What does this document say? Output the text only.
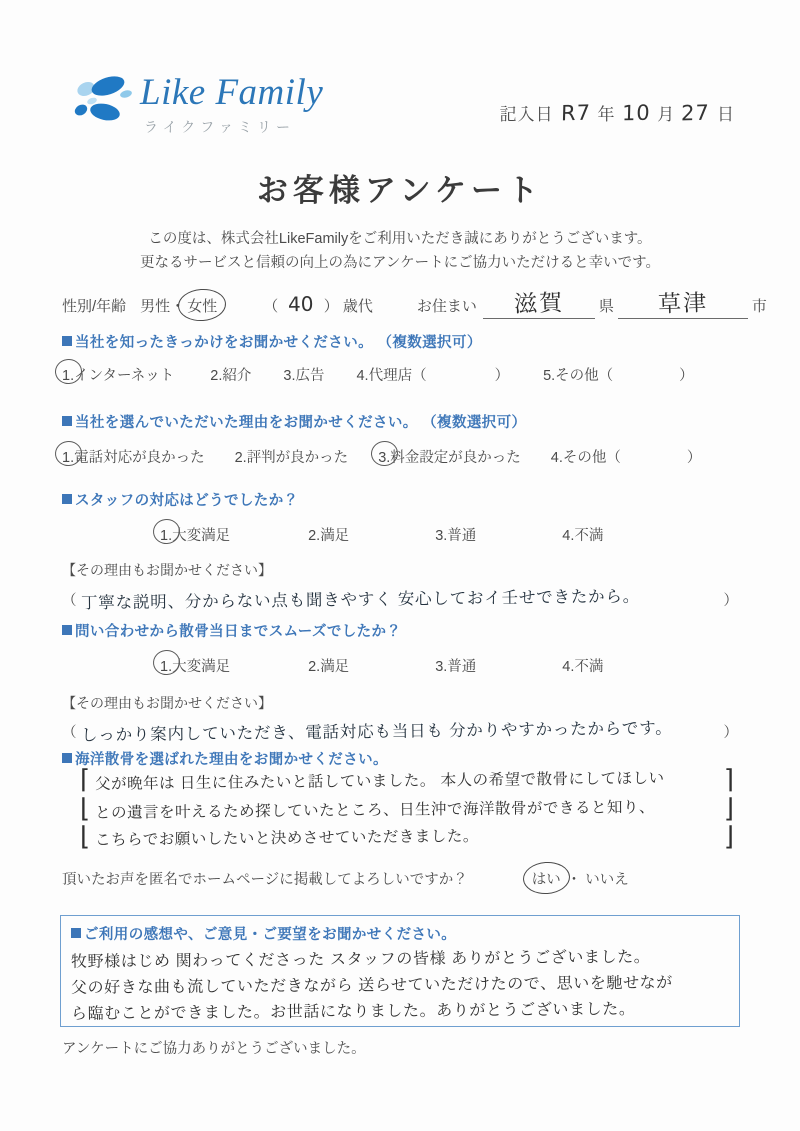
Like Family
ライクファミリー
記入日 R7 年 10 月 27 日
お客様アンケート
この度は、株式会社LikeFamilyをご利用いただき誠にありがとうございます。
更なるサービスと信頼の向上の為にアンケートにご協力いただけると幸いです。
性別/年齢 男性・ 女性	（ 40 ） 歳代	お住まい	滋賀	県	草津	市
当社を知ったきっかけをお聞かせください。 （複数選択可）
1.インターネット 2.紹介 3.広告 4.代理店（	） 5.その他（	）
当社を選んでいただいた理由をお聞かせください。 （複数選択可）
1.電話対応が良かった 2.評判が良かった 3.料金設定が良かった 4.その他（	）
スタッフの対応はどうでしたか？
1.大変満足	2.満足	3.普通	4.不満
【その理由もお聞かせください】
（ 丁寧な説明、分からない点も聞きやすく 安心しておイ壬せできたから。	）
問い合わせから散骨当日までスムーズでしたか？
1.大変満足	2.満足	3.普通	4.不満
【その理由もお聞かせください】
（ しっかり案内していただき、電話対応も当日も 分かりやすかったからです。	）
海洋散骨を選ばれた理由をお聞かせください。
⌈ 父が晩年は 日生に住みたいと話していました。 本人の希望で散骨にしてほしい ⌉
⌊ との遺言を叶えるため探していたところ、日生沖で海洋散骨ができると知り、	⌋
⌊ こちらでお願いしたいと決めさせていただきました。	⌋
頂いたお声を匿名でホームページに掲載してよろしいですか？	はい ・ いいえ
ご利用の感想や、ご意見・ご要望をお聞かせください。
牧野様はじめ 関わってくださった スタッフの皆様 ありがとうございました。
父の好きな曲も流していただきながら 送らせていただけたので、思いを馳せなが
ら臨むことができました。お世話になりました。ありがとうございました。
アンケートにご協力ありがとうございました。
